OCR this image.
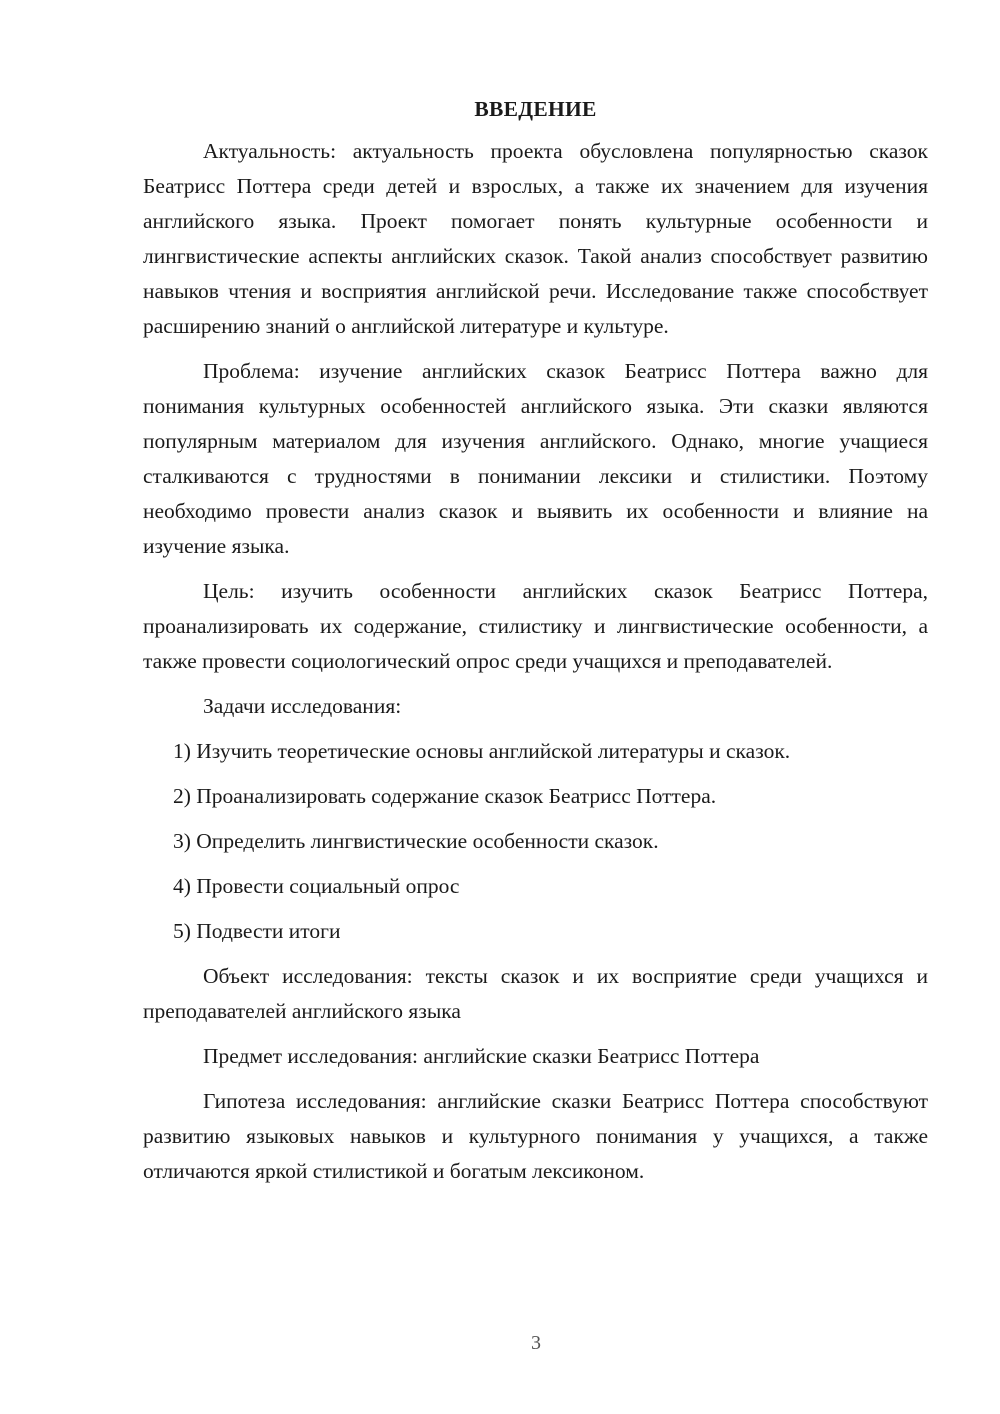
ВВЕДЕНИЕ

Актуальность: актуальность проекта обусловлена популярностью сказок Беатрисс Поттера среди детей и взрослых, а также их значением для изучения английского языка. Проект помогает понять культурные особенности и лингвистические аспекты английских сказок. Такой анализ способствует развитию навыков чтения и восприятия английской речи. Исследование также способствует расширению знаний о английской литературе и культуре.

Проблема: изучение английских сказок Беатрисс Поттера важно для понимания культурных особенностей английского языка. Эти сказки являются популярным материалом для изучения английского. Однако, многие учащиеся сталкиваются с трудностями в понимании лексики и стилистики. Поэтому необходимо провести анализ сказок и выявить их особенности и влияние на изучение языка.

Цель: изучить особенности английских сказок Беатрисс Поттера, проанализировать их содержание, стилистику и лингвистические особенности, а также провести социологический опрос среди учащихся и преподавателей.

Задачи исследования:

1) Изучить теоретические основы английской литературы и сказок.
2) Проанализировать содержание сказок Беатрисс Поттера.
3) Определить лингвистические особенности сказок.
4) Провести социальный опрос
5) Подвести итоги

Объект исследования: тексты сказок и их восприятие среди учащихся и преподавателей английского языка

Предмет исследования: английские сказки Беатрисс Поттера

Гипотеза исследования: английские сказки Беатрисс Поттера способствуют развитию языковых навыков и культурного понимания у учащихся, а также отличаются яркой стилистикой и богатым лексиконом.

3
